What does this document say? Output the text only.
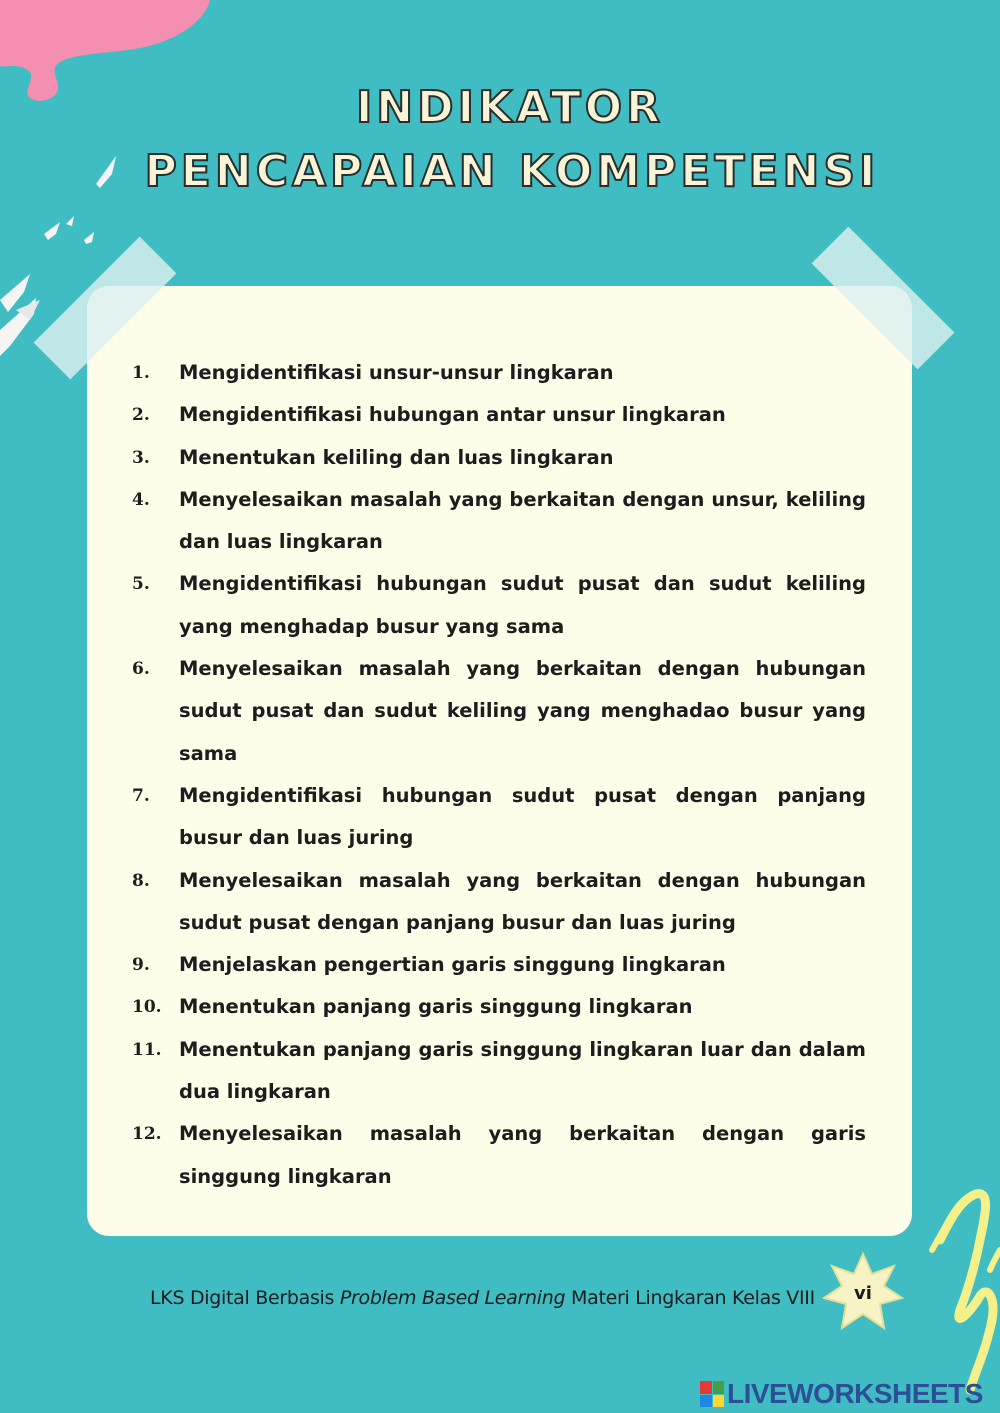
INDIKATOR
PENCAPAIAN KOMPETENSI
1.	Mengidentifikasi unsur-unsur lingkaran
2.	Mengidentifikasi hubungan antar unsur lingkaran
3.	Menentukan keliling dan luas lingkaran
4.	Menyelesaikan masalah yang berkaitan dengan unsur, keliling dan luas lingkaran
5.	Mengidentifikasi hubungan sudut pusat dan sudut keliling yang menghadap busur yang sama
6.	Menyelesaikan masalah yang berkaitan dengan hubungan sudut pusat dan sudut keliling yang menghadao busur yang sama
7.	Mengidentifikasi hubungan sudut pusat dengan panjang busur dan luas juring
8.	Menyelesaikan masalah yang berkaitan dengan hubungan sudut pusat dengan panjang busur dan luas juring
9.	Menjelaskan pengertian garis singgung lingkaran
10. Menentukan panjang garis singgung lingkaran
11. Menentukan panjang garis singgung lingkaran luar dan dalam dua lingkaran
12. Menyelesaikan masalah yang berkaitan dengan garis singgung lingkaran
LKS Digital Berbasis Problem Based Learning Materi Lingkaran Kelas VIII	vi
LIVEWORKSHEETS
